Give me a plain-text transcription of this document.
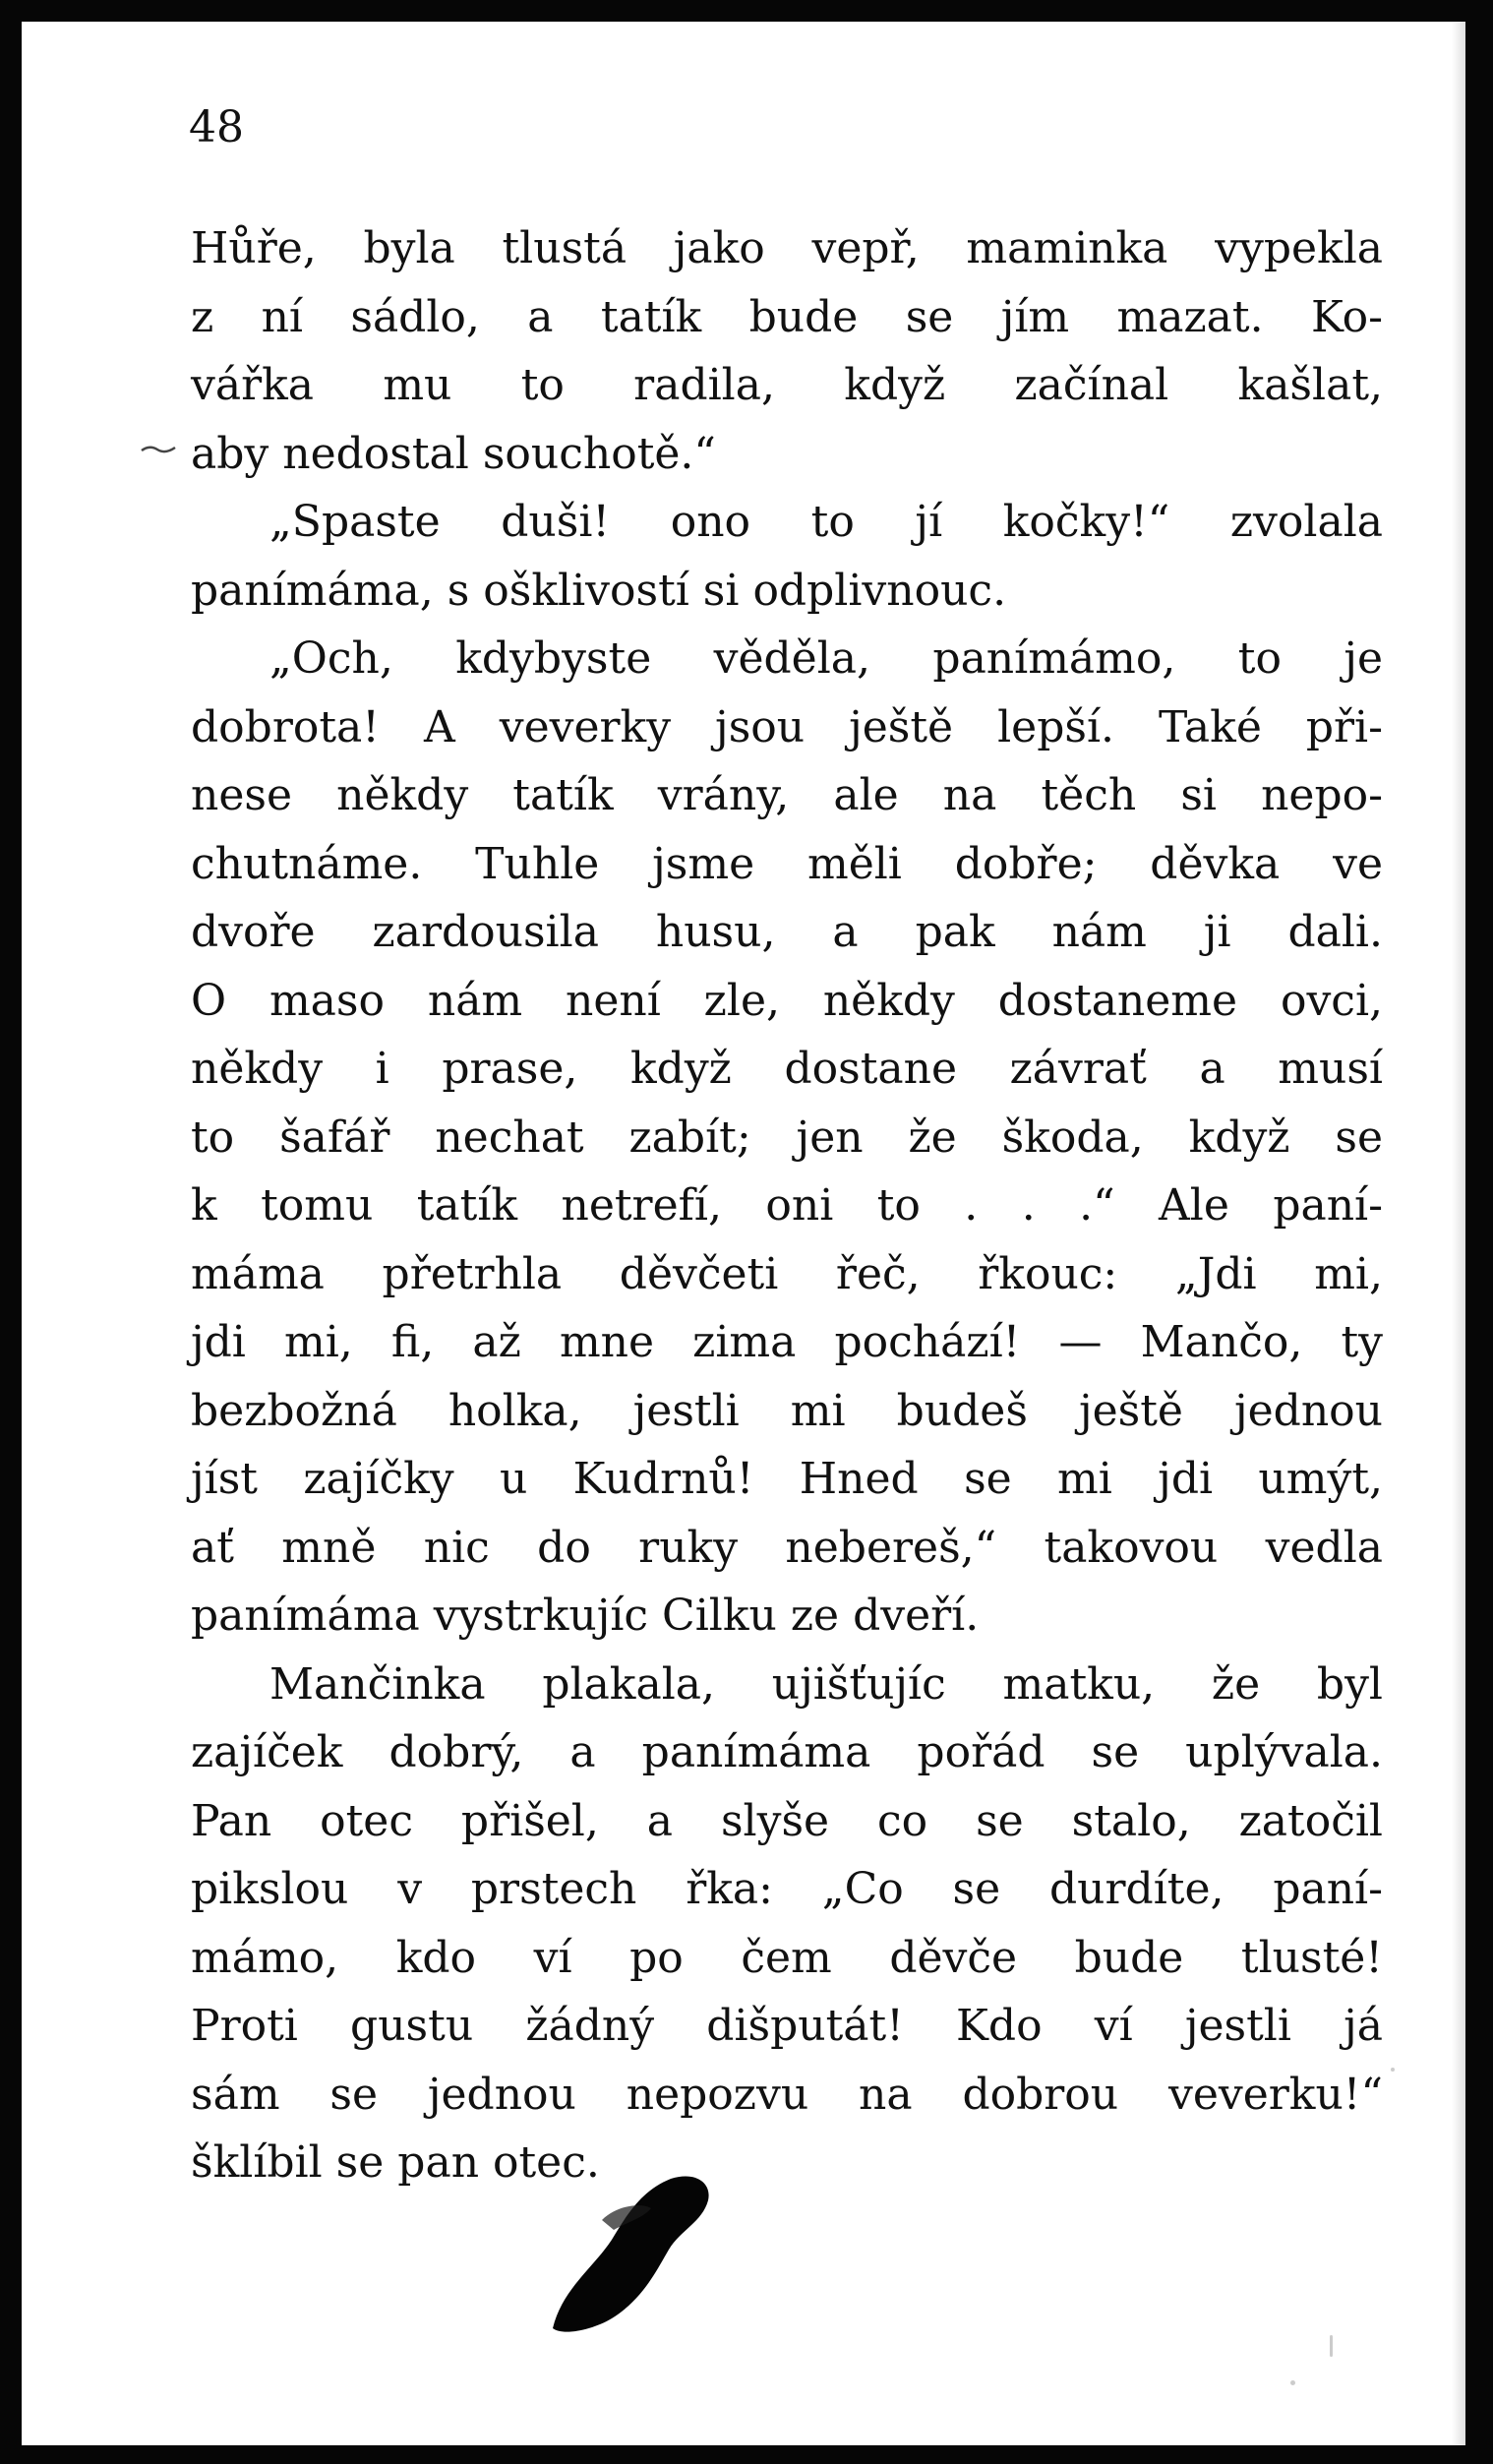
48
Hůře, byla tlustá jako vepř, maminka vypekla
z ní sádlo, a tatík bude se jím mazat. Ko-
vářka mu to radila, když začínal kašlat,
aby nedostal souchotě.“
„Spaste duši! ono to jí kočky!“ zvolala
panímáma, s ošklivostí si odplivnouc.
„Och, kdybyste věděla, panímámo, to je
dobrota! A veverky jsou ještě lepší. Také při-
nese někdy tatík vrány, ale na těch si nepo-
chutnáme. Tuhle jsme měli dobře; děvka ve
dvoře zardousila husu, a pak nám ji dali.
O maso nám není zle, někdy dostaneme ovci,
někdy i prase, když dostane závrať a musí
to šafář nechat zabít; jen že škoda, když se
k tomu tatík netrefí, oni to . . .“ Ale paní-
máma přetrhla děvčeti řeč, řkouc: „Jdi mi,
jdi mi, fi, až mne zima pochází! — Mančo, ty
bezbožná holka, jestli mi budeš ještě jednou
jíst zajíčky u Kudrnů! Hned se mi jdi umýt,
ať mně nic do ruky nebereš,“ takovou vedla
panímáma vystrkujíc Cilku ze dveří.
Mančinka plakala, ujišťujíc matku, že byl
zajíček dobrý, a panímáma pořád se uplývala.
Pan otec přišel, a slyše co se stalo, zatočil
pikslou v prstech řka: „Co se durdíte, paní-
mámo, kdo ví po čem děvče bude tlusté!
Proti gustu žádný dišputát! Kdo ví jestli já
sám se jednou nepozvu na dobrou veverku!“
šklíbil se pan otec.
